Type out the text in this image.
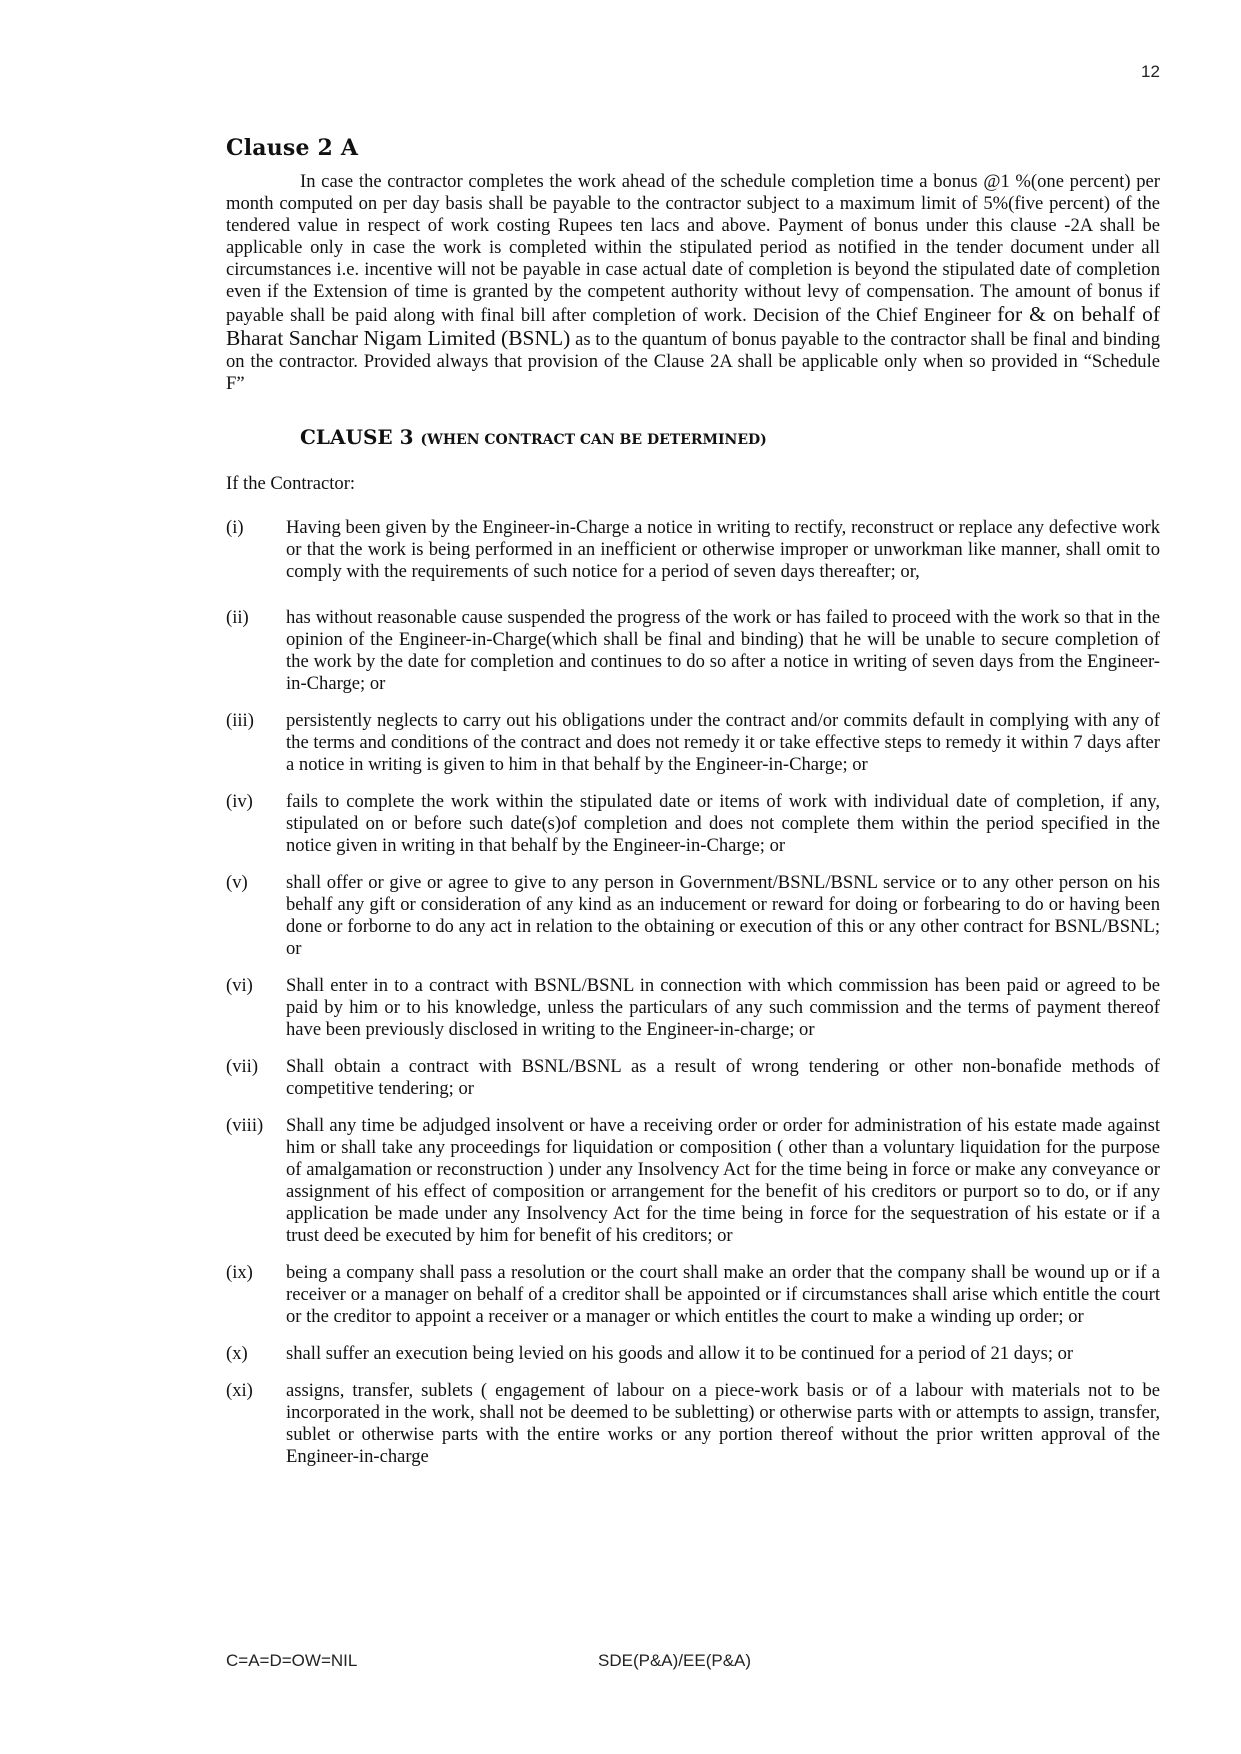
12
Clause 2 A

In case the contractor completes the work ahead of the schedule completion time a bonus @1 %(one percent) per month computed on per day basis shall be payable to the contractor subject to a maximum limit of 5%(five percent) of the tendered value in respect of work costing Rupees ten lacs and above. Payment of bonus under this clause -2A shall be applicable only in case the work is completed within the stipulated period as notified in the tender document under all circumstances i.e. incentive will not be payable in case actual date of completion is beyond the stipulated date of completion even if the Extension of time is granted by the competent authority without levy of compensation. The amount of bonus if payable shall be paid along with final bill after completion of work. Decision of the Chief Engineer for & on behalf of Bharat Sanchar Nigam Limited (BSNL) as to the quantum of bonus payable to the contractor shall be final and binding on the contractor. Provided always that provision of the Clause 2A shall be applicable only when so provided in “Schedule F”

CLAUSE 3 (WHEN CONTRACT CAN BE DETERMINED)

If the Contractor:

(i)	Having been given by the Engineer-in-Charge a notice in writing to rectify, reconstruct or replace any defective work or that the work is being performed in an inefficient or otherwise improper or unworkman like manner, shall omit to comply with the requirements of such notice for a period of seven days thereafter; or,
(ii)	has without reasonable cause suspended the progress of the work or has failed to proceed with the work so that in the opinion of the Engineer-in-Charge(which shall be final and binding) that he will be unable to secure completion of the work by the date for completion and continues to do so after a notice in writing of seven days from the Engineer-in-Charge; or
(iii)	persistently neglects to carry out his obligations under the contract and/or commits default in complying with any of the terms and conditions of the contract and does not remedy it or take effective steps to remedy it within 7 days after a notice in writing is given to him in that behalf by the Engineer-in-Charge; or
(iv)	fails to complete the work within the stipulated date or items of work with individual date of completion, if any, stipulated on or before such date(s)of completion and does not complete them within the period specified in the notice given in writing in that behalf by the Engineer-in-Charge; or
(v)	shall offer or give or agree to give to any person in Government/BSNL/BSNL service or to any other person on his behalf any gift or consideration of any kind as an inducement or reward for doing or forbearing to do or having been done or forborne to do any act in relation to the obtaining or execution of this or any other contract for BSNL/BSNL; or
(vi)	Shall enter in to a contract with BSNL/BSNL in connection with which commission has been paid or agreed to be paid by him or to his knowledge, unless the particulars of any such commission and the terms of payment thereof have been previously disclosed in writing to the Engineer-in-charge; or
(vii)	Shall obtain a contract with BSNL/BSNL as a result of wrong tendering or other non-bonafide methods of competitive tendering; or
(viii)	Shall any time be adjudged insolvent or have a receiving order or order for administration of his estate made against him or shall take any proceedings for liquidation or composition ( other than a voluntary liquidation for the purpose of amalgamation or reconstruction ) under any Insolvency Act for the time being in force or make any conveyance or assignment of his effect of composition or arrangement for the benefit of his creditors or purport so to do, or if any application be made under any Insolvency Act for the time being in force for the sequestration of his estate or if a trust deed be executed by him for benefit of his creditors; or
(ix)	being a company shall pass a resolution or the court shall make an order that the company shall be wound up or if a receiver or a manager on behalf of a creditor shall be appointed or if circumstances shall arise which entitle the court or the creditor to appoint a receiver or a manager or which entitles the court to make a winding up order; or
(x)	shall suffer an execution being levied on his goods and allow it to be continued for a period of 21 days; or
(xi)	assigns, transfer, sublets ( engagement of labour on a piece-work basis or of a labour with materials not to be incorporated in the work, shall not be deemed to be subletting) or otherwise parts with or attempts to assign, transfer, sublet or otherwise parts with the entire works or any portion thereof without the prior written approval of the Engineer-in-charge
C=A=D=OW=NIL	SDE(P&A)/EE(P&A)
